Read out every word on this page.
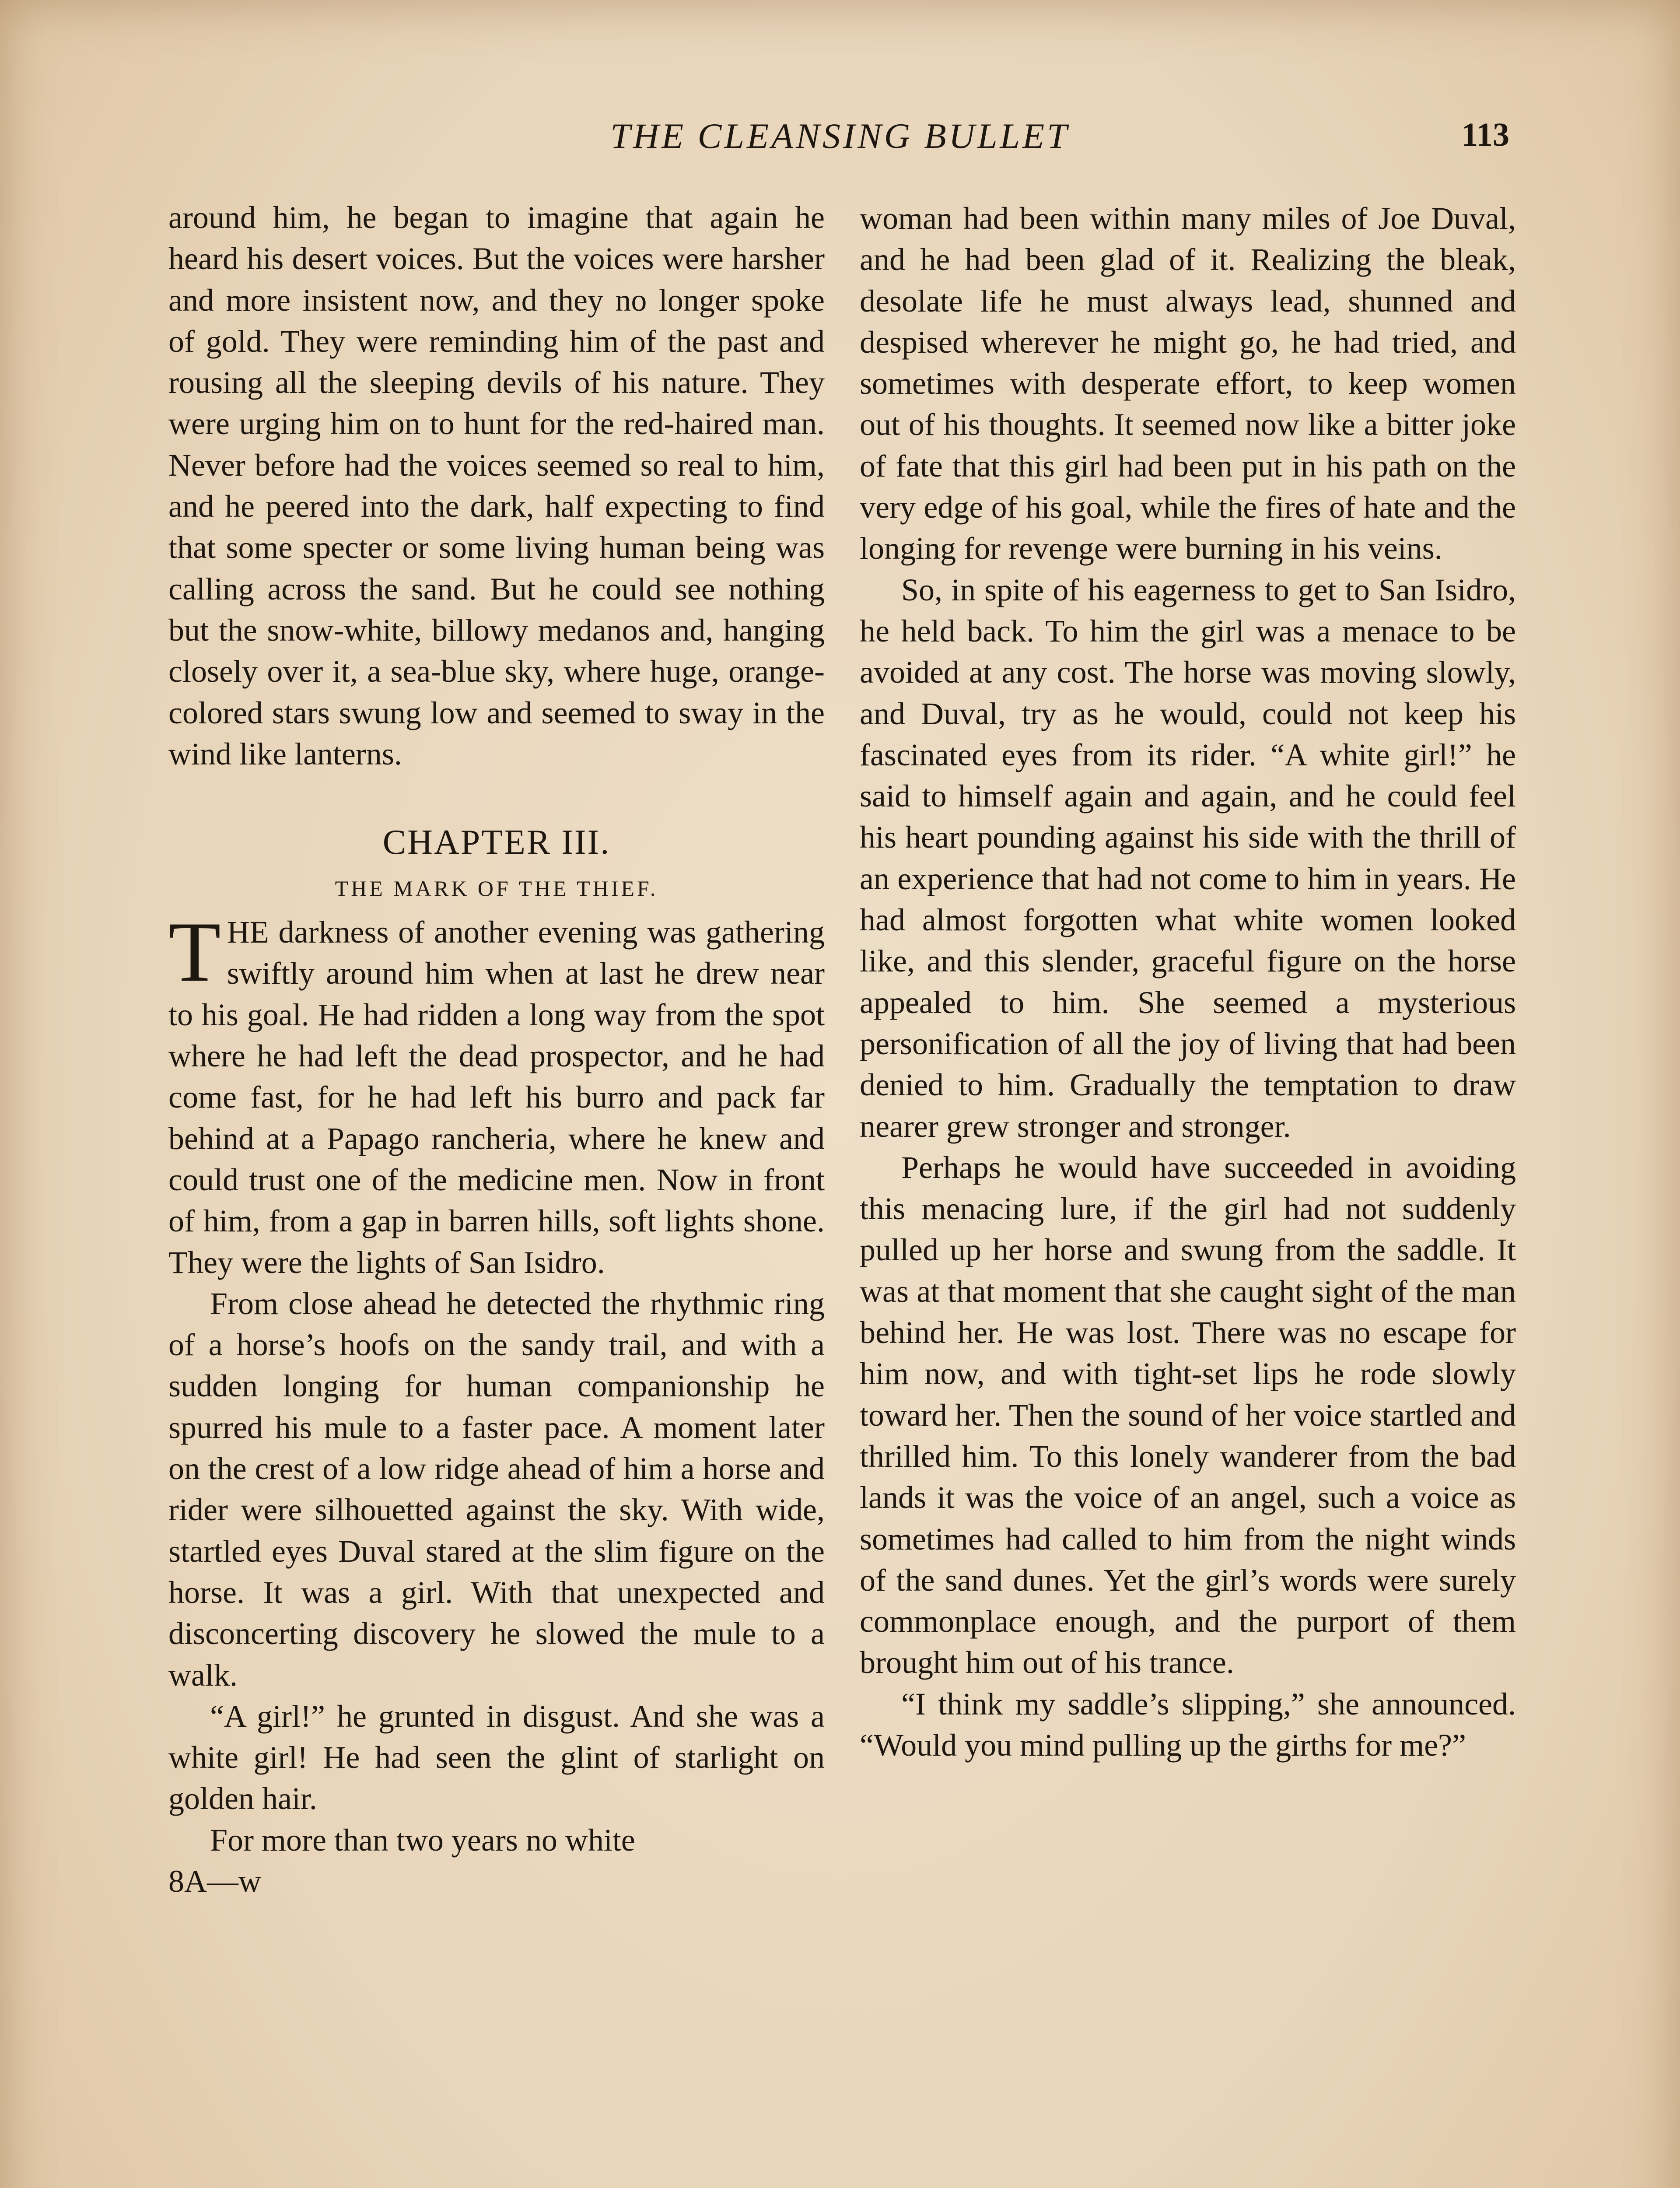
THE CLEANSING BULLET	113

around him, he began to imagine that again he heard his desert voices. But the voices were harsher and more insistent now, and they no longer spoke of gold. They were reminding him of the past and rousing all the sleeping devils of his nature. They were urging him on to hunt for the red-haired man. Never before had the voices seemed so real to him, and he peered into the dark, half expecting to find that some specter or some living human being was calling across the sand. But he could see nothing but the snow-white, billowy medanos and, hanging closely over it, a sea-blue sky, where huge, orange-colored stars swung low and seemed to sway in the wind like lanterns.

CHAPTER III.
THE MARK OF THE THIEF.

THE darkness of another evening was gathering swiftly around him when at last he drew near to his goal. He had ridden a long way from the spot where he had left the dead prospector, and he had come fast, for he had left his burro and pack far behind at a Papago rancheria, where he knew and could trust one of the medicine men. Now in front of him, from a gap in barren hills, soft lights shone. They were the lights of San Isidro.

From close ahead he detected the rhythmic ring of a horse’s hoofs on the sandy trail, and with a sudden longing for human companionship he spurred his mule to a faster pace. A moment later on the crest of a low ridge ahead of him a horse and rider were silhouetted against the sky. With wide, startled eyes Duval stared at the slim figure on the horse. It was a girl. With that unexpected and disconcerting discovery he slowed the mule to a walk.

“A girl!” he grunted in disgust. And she was a white girl! He had seen the glint of starlight on golden hair.

For more than two years no white

8A—w

woman had been within many miles of Joe Duval, and he had been glad of it. Realizing the bleak, desolate life he must always lead, shunned and despised wherever he might go, he had tried, and sometimes with desperate effort, to keep women out of his thoughts. It seemed now like a bitter joke of fate that this girl had been put in his path on the very edge of his goal, while the fires of hate and the longing for revenge were burning in his veins.

So, in spite of his eagerness to get to San Isidro, he held back. To him the girl was a menace to be avoided at any cost. The horse was moving slowly, and Duval, try as he would, could not keep his fascinated eyes from its rider. “A white girl!” he said to himself again and again, and he could feel his heart pounding against his side with the thrill of an experience that had not come to him in years. He had almost forgotten what white women looked like, and this slender, graceful figure on the horse appealed to him. She seemed a mysterious personification of all the joy of living that had been denied to him. Gradually the temptation to draw nearer grew stronger and stronger.

Perhaps he would have succeeded in avoiding this menacing lure, if the girl had not suddenly pulled up her horse and swung from the saddle. It was at that moment that she caught sight of the man behind her. He was lost. There was no escape for him now, and with tight-set lips he rode slowly toward her. Then the sound of her voice startled and thrilled him. To this lonely wanderer from the bad lands it was the voice of an angel, such a voice as sometimes had called to him from the night winds of the sand dunes. Yet the girl’s words were surely commonplace enough, and the purport of them brought him out of his trance.

“I think my saddle’s slipping,” she announced. “Would you mind pulling up the girths for me?”
